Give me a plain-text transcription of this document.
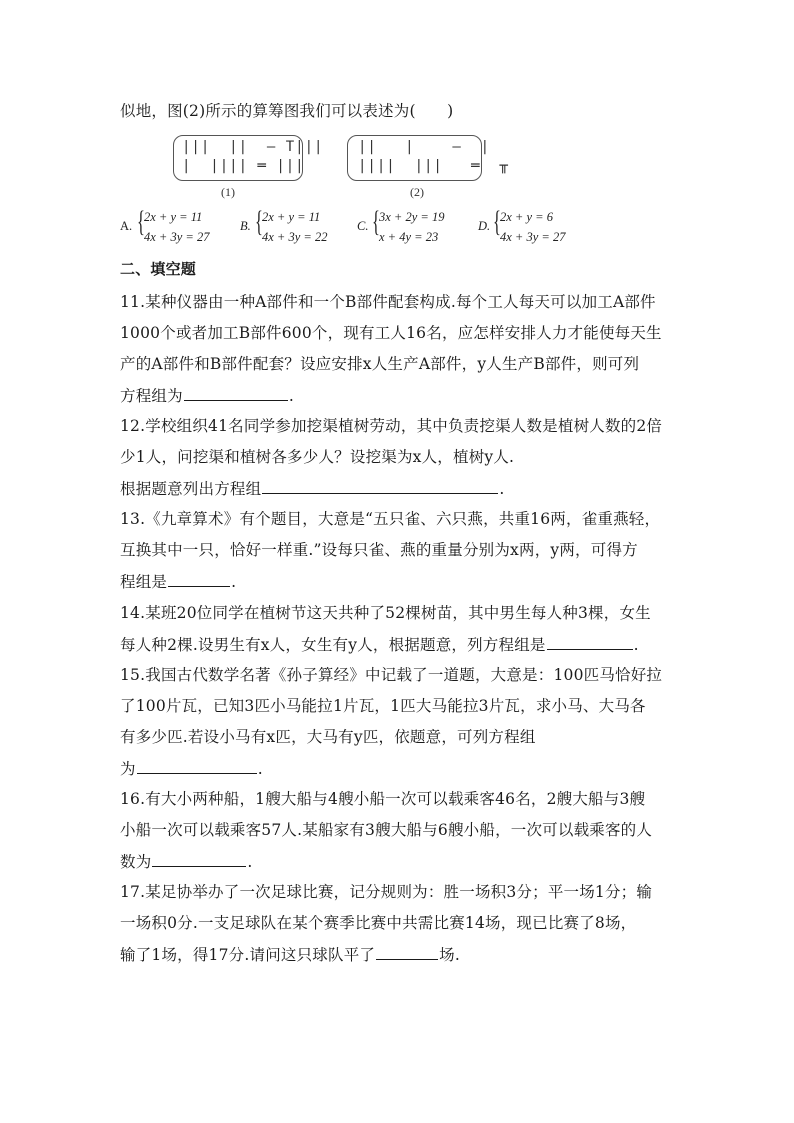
似地，图(2)所示的算筹图我们可以表述为(　　)
||| || — T|||
| |||| ═ |||
(1)
|| |	— |
|||| ||| ═ ╥
(2)
A. { 2x + y = 11
4x + 3y = 27
B. { 2x + y = 11
4x + 3y = 22
C. { 3x + 2y = 19
x + 4y = 23
D. { 2x + y = 6
4x + 3y = 27
二、填空题
11.某种仪器由一种A部件和一个B部件配套构成.每个工人每天可以加工A部件
1000个或者加工B部件600个，现有工人16名，应怎样安排人力才能使每天生
产的A部件和B部件配套？设应安排x人生产A部件，y人生产B部件，则可列
方程组为	.
12.学校组织41名同学参加挖渠植树劳动，其中负责挖渠人数是植树人数的2倍
少1人，问挖渠和植树各多少人？设挖渠为x人，植树y人.
根据题意列出方程组	.
13.《九章算术》有个题目，大意是“五只雀、六只燕，共重16两，雀重燕轻，
互换其中一只，恰好一样重.”设每只雀、燕的重量分别为x两，y两，可得方
程组是	.
14.某班20位同学在植树节这天共种了52棵树苗，其中男生每人种3棵，女生
每人种2棵.设男生有x人，女生有y人，根据题意，列方程组是	.
15.我国古代数学名著《孙子算经》中记载了一道题，大意是：100匹马恰好拉
了100片瓦，已知3匹小马能拉1片瓦，1匹大马能拉3片瓦，求小马、大马各
有多少匹.若设小马有x匹，大马有y匹，依题意，可列方程组
为	.
16.有大小两种船，1艘大船与4艘小船一次可以载乘客46名，2艘大船与3艘
小船一次可以载乘客57人.某船家有3艘大船与6艘小船，一次可以载乘客的人
数为	.
17.某足协举办了一次足球比赛，记分规则为：胜一场积3分；平一场1分；输
一场积0分.一支足球队在某个赛季比赛中共需比赛14场，现已比赛了8场，
输了1场，得17分.请问这只球队平了	场.
